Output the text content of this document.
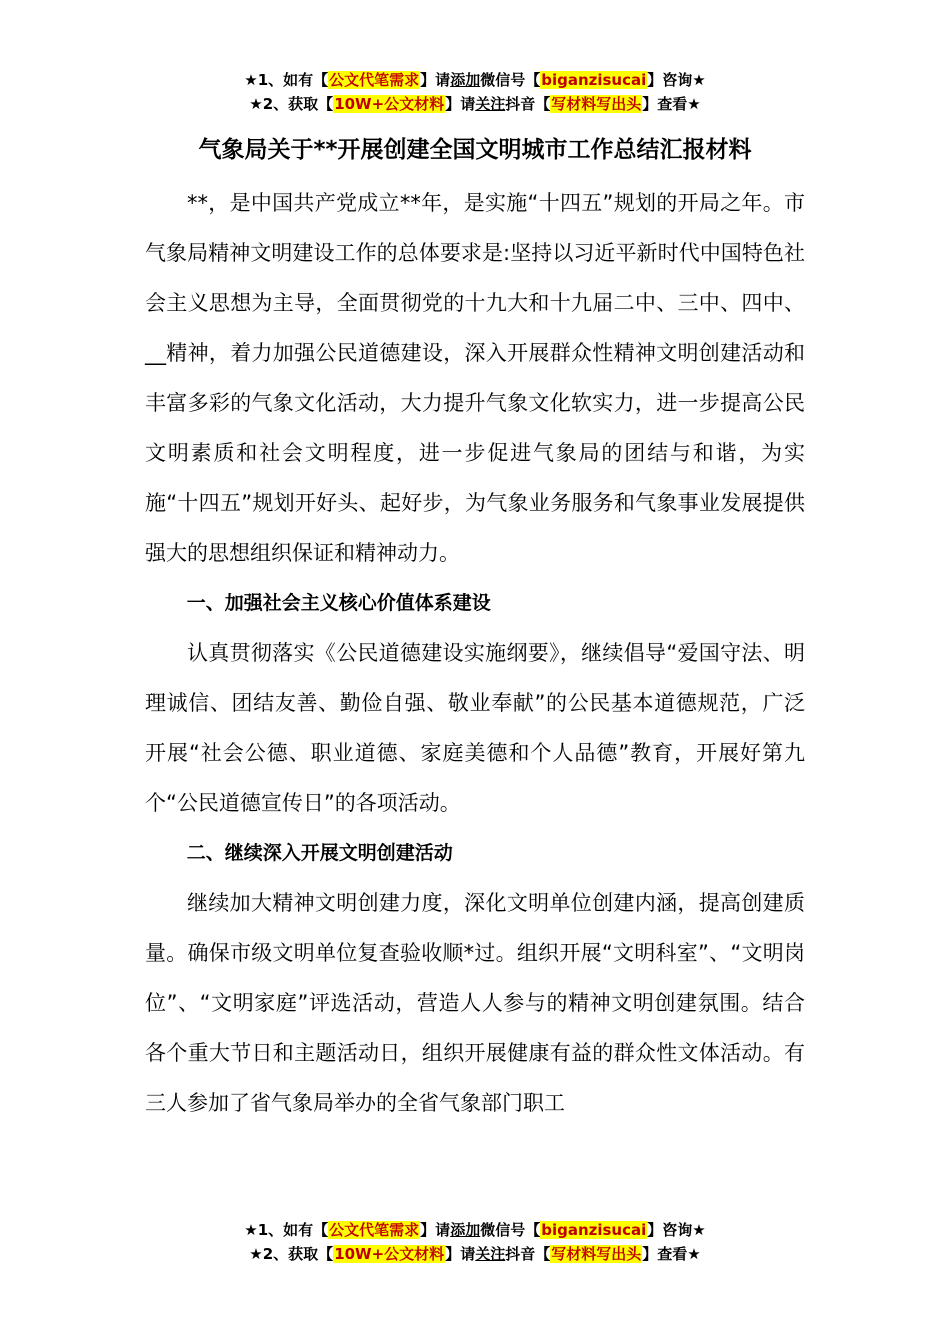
★1、如有【公文代笔需求】请添加微信号【biganzisucai】咨询★
★2、获取【10W+公文材料】请关注抖音【写材料写出头】查看★
气象局关于**开展创建全国文明城市工作总结汇报材料

**，是中国共产党成立**年，是实施“十四五”规划的开局之年。市气象局精神文明建设工作的总体要求是:坚持以习近平新时代中国特色社会主义思想为主导，全面贯彻党的十九大和十九届二中、三中、四中、__精神，着力加强公民道德建设，深入开展群众性精神文明创建活动和丰富多彩的气象文化活动，大力提升气象文化软实力，进一步提高公民文明素质和社会文明程度，进一步促进气象局的团结与和谐，为实施“十四五”规划开好头、起好步，为气象业务服务和气象事业发展提供强大的思想组织保证和精神动力。

一、加强社会主义核心价值体系建设

认真贯彻落实《公民道德建设实施纲要》，继续倡导“爱国守法、明理诚信、团结友善、勤俭自强、敬业奉献”的公民基本道德规范，广泛开展“社会公德、职业道德、家庭美德和个人品德”教育，开展好第九个“公民道德宣传日”的各项活动。

二、继续深入开展文明创建活动

继续加大精神文明创建力度，深化文明单位创建内涵，提高创建质量。确保市级文明单位复查验收顺*过。组织开展“文明科室”、“文明岗位”、“文明家庭”评选活动，营造人人参与的精神文明创建氛围。结合各个重大节日和主题活动日，组织开展健康有益的群众性文体活动。有三人参加了省气象局举办的全省气象部门职工

★1、如有【公文代笔需求】请添加微信号【biganzisucai】咨询★
★2、获取【10W+公文材料】请关注抖音【写材料写出头】查看★
